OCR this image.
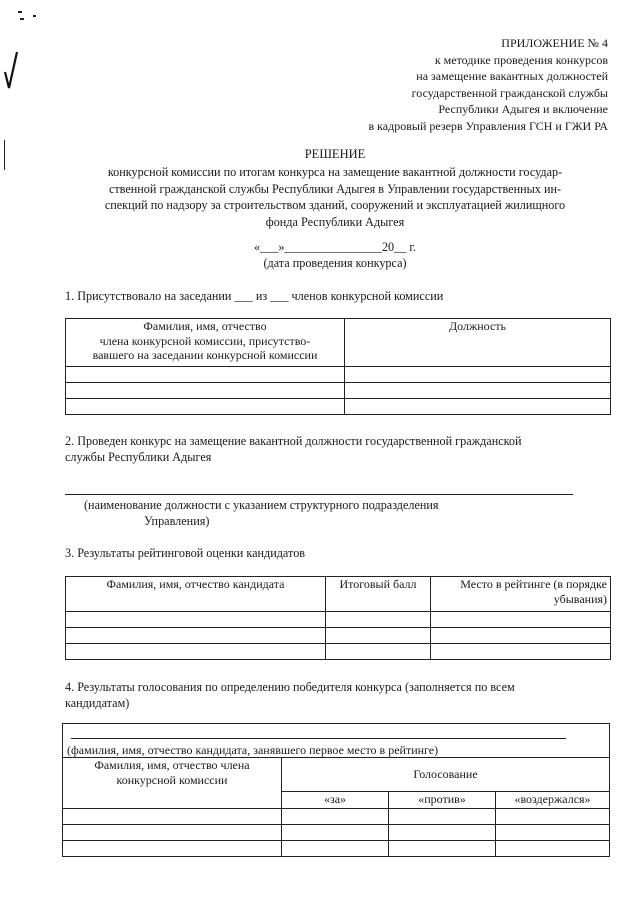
ПРИЛОЖЕНИЕ № 4
к методике проведения конкурсов
на замещение вакантных должностей
государственной гражданской службы
Республики Адыгея и включение
в кадровый резерв Управления ГСН и ГЖИ РА
РЕШЕНИЕ
конкурсной комиссии по итогам конкурса на замещение вакантной должности государ-
ственной гражданской службы Республики Адыгея в Управлении государственных ин-
спекций по надзору за строительством зданий, сооружений и эксплуатацией жилищного
фонда Республики Адыгея
«___»________________20__ г.
(дата проведения конкурса)
1. Присутствовало на заседании ___ из ___ членов конкурсной комиссии
Фамилия, имя, отчество
члена конкурсной комиссии, присутство-
вавшего на заседании конкурсной комиссии	Должность

2. Проведен конкурс на замещение вакантной должности государственной гражданской
службы Республики Адыгея
(наименование должности с указанием структурного подразделения
Управления)
3. Результаты рейтинговой оценки кандидатов
Фамилия, имя, отчество кандидата	Итоговый балл	Место в рейтинге (в порядке
убывания)

4. Результаты голосования по определению победителя конкурса (заполняется по всем
кандидатам)
(фамилия, имя, отчество кандидата, занявшего первое место в рейтинге)			
Фамилия, имя, отчество члена
конкурсной комиссии	Голосование		
	«за»	«против»	«воздержался»
